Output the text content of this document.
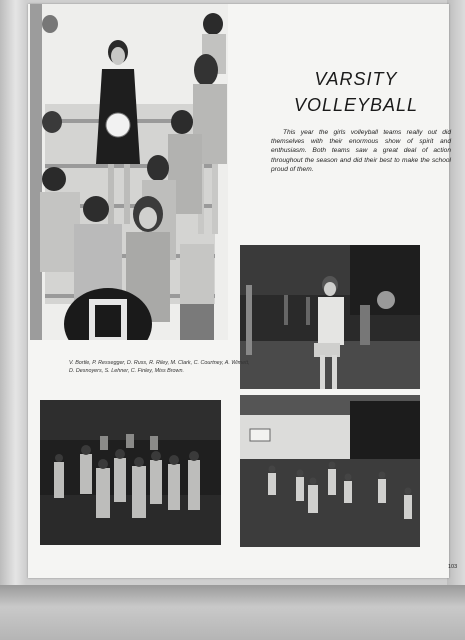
VARSITY
VOLLEYBALL
This year the girls volleyball teams really out did themselves with their enormous show of spirit and enthusiasm. Both teams saw a great deal of action throughout the season and did their best to make the school proud of them.
V. Bortle, P. Ressegger, D. Russ, R. Riley, M. Clark, C. Courtney, A. Wimett, D. Desnoyers, S. Lehner, C. Finley, Miss Brown.
103
